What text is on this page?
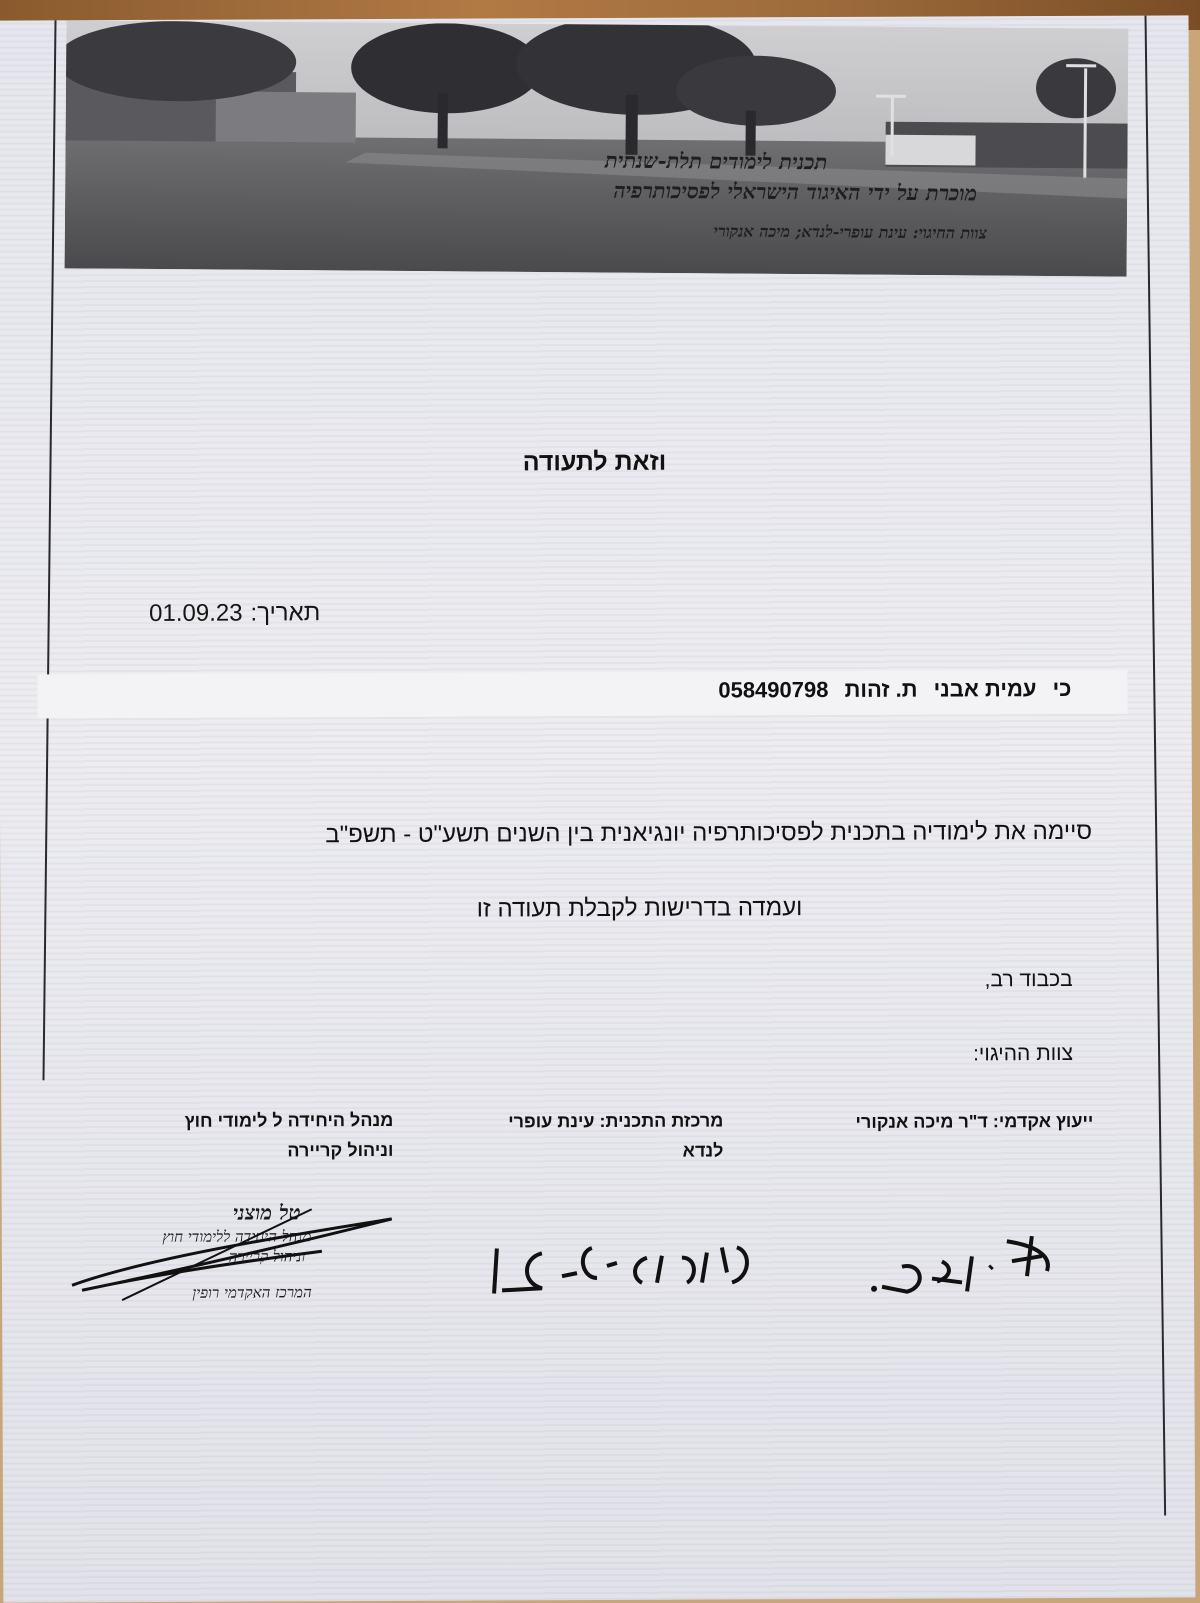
תכנית לימודים תלת-שנתית
מוכרת על ידי האיגוד הישראלי לפסיכותרפיה
צוות החיגוי: עינת עופרי-לנדא; מיכה אנקורי
וזאת לתעודה
תאריך:01.09.23
כי עמית אבני ת. זהות 058490798
סיימה את לימודיה בתכנית לפסיכותרפיה יונגיאנית בין השנים תשע"ט - תשפ"ב
ועמדה בדרישות לקבלת תעודה זו
בכבוד רב,
צוות ההיגוי:
ייעוץ אקדמי: ד"ר מיכה אנקורי
מרכזת התכנית: עינת עופרי
לנדא
מנהל היחידה ל לימודי חוץ
וניהול קריירה
טל מוצני
מנהל היחידה ללימודי חוץ
וניהול קריירה
המרכז האקדמי רופין
